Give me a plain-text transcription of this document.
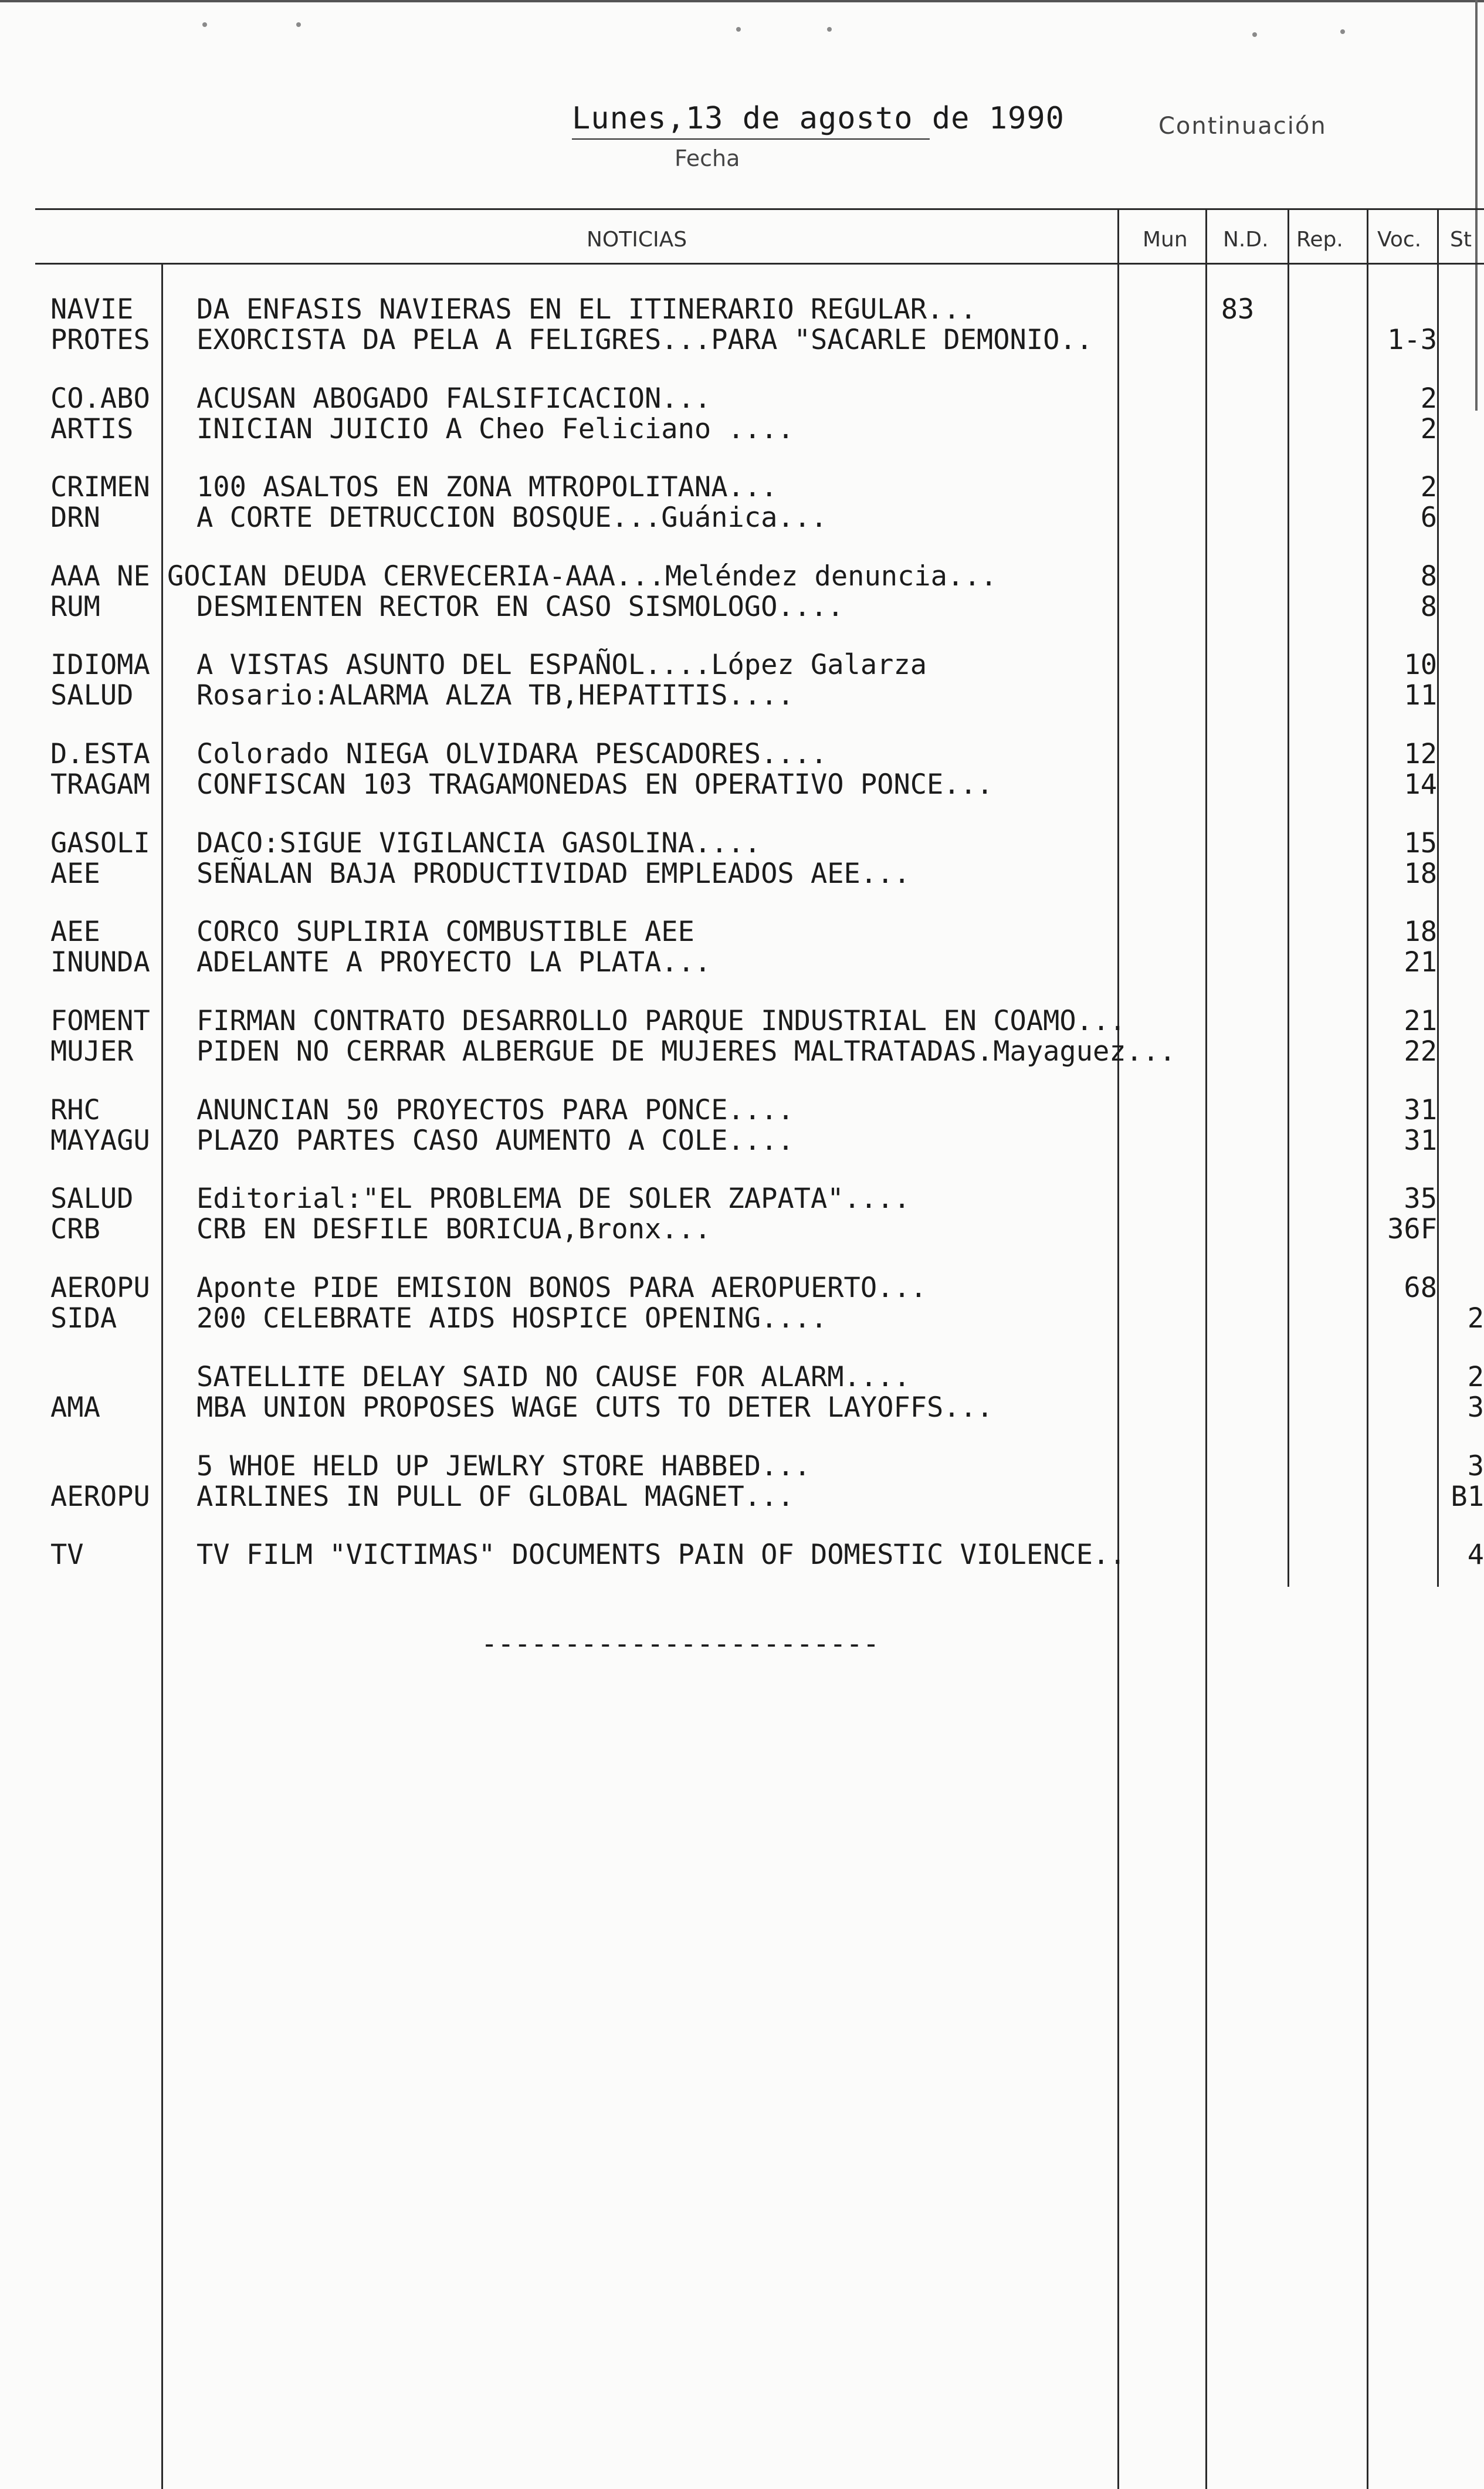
Lunes,13 de agosto de 1990
Fecha
Continuación
NOTICIAS	Mun N.D. Rep. Voc. St
NAVIE DA ENFASIS NAVIERAS EN EL ITINERARIO REGULAR...	83
PROTES EXORCISTA DA PELA A FELIGRES...PARA "SACARLE DEMONIO..	1-3
CO.ABO ACUSAN ABOGADO FALSIFICACION...	2
ARTIS INICIAN JUICIO A Cheo Feliciano ....	2
CRIMEN 100 ASALTOS EN ZONA MTROPOLITANA...	2
DRN	A CORTE DETRUCCION BOSQUE...Guánica...	6
AAA NE GOCIAN DEUDA CERVECERIA-AAA...Meléndez denuncia...	8
RUM	DESMIENTEN RECTOR EN CASO SISMOLOGO....	8
IDIOMA A VISTAS ASUNTO DEL ESPAÑOL....López Galarza	10
SALUD Rosario:ALARMA ALZA TB,HEPATITIS....	11
D.ESTA Colorado NIEGA OLVIDARA PESCADORES....	12
TRAGAM CONFISCAN 103 TRAGAMONEDAS EN OPERATIVO PONCE...	14
GASOLI DACO:SIGUE VIGILANCIA GASOLINA....	15
AEE	SEÑALAN BAJA PRODUCTIVIDAD EMPLEADOS AEE...	18
AEE	CORCO SUPLIRIA COMBUSTIBLE AEE	18
INUNDA ADELANTE A PROYECTO LA PLATA...	21
FOMENT FIRMAN CONTRATO DESARROLLO PARQUE INDUSTRIAL EN COAMO...	21
MUJER PIDEN NO CERRAR ALBERGUE DE MUJERES MALTRATADAS.Mayaguez...	22
RHC	ANUNCIAN 50 PROYECTOS PARA PONCE....	31
MAYAGU PLAZO PARTES CASO AUMENTO A COLE....	31
SALUD Editorial:"EL PROBLEMA DE SOLER ZAPATA"....	35
CRB	CRB EN DESFILE BORICUA,Bronx...	36F
AEROPU Aponte PIDE EMISION BONOS PARA AEROPUERTO...	68
SIDA	200 CELEBRATE AIDS HOSPICE OPENING....	2
SATELLITE DELAY SAID NO CAUSE FOR ALARM....	2
AMA	MBA UNION PROPOSES WAGE CUTS TO DETER LAYOFFS...	3
5 WHOE HELD UP JEWLRY STORE HABBED...	3
AEROPU AIRLINES IN PULL OF GLOBAL MAGNET...	B1
TV	TV FILM "VICTIMAS" DOCUMENTS PAIN OF DOMESTIC VIOLENCE..	4
------------------------
